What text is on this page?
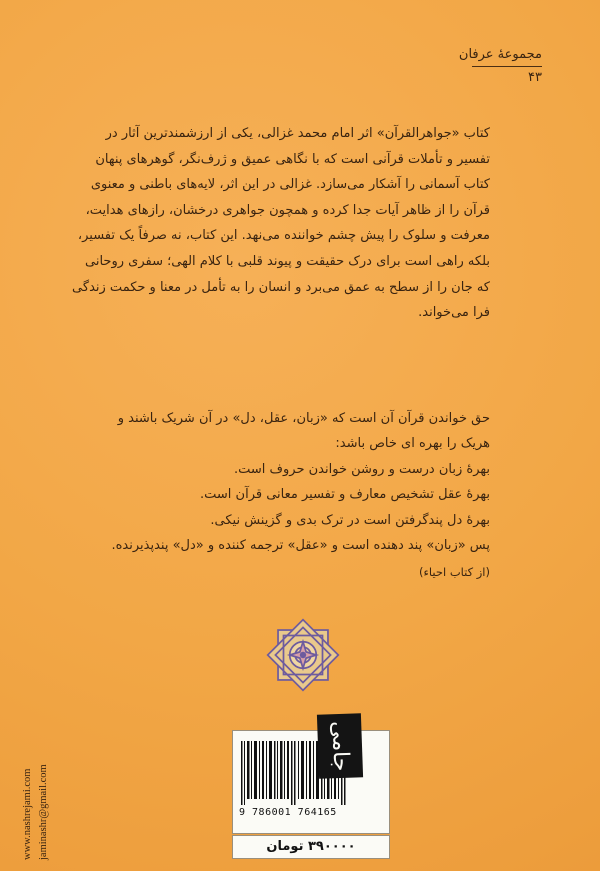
مجموعهٔ عرفان
۴۳

کتاب «جواهرالقرآن» اثر امام محمد غزالی، یکی از ارزشمندترین آثار در

تفسیر و تأملات قرآنی است که با نگاهی عمیق و ژرف‌نگر، گوهرهای پنهان

کتاب آسمانی را آشکار می‌سازد. غزالی در این اثر، لایه‌های باطنی و معنوی

قرآن را از ظاهر آیات جدا کرده و همچون جواهری درخشان، رازهای هدایت،

معرفت و سلوک را پیش چشم خواننده می‌نهد. این کتاب، نه صرفاً یک تفسیر،

بلکه راهی است برای درک حقیقت و پیوند قلبی با کلام الهی؛ سفری روحانی

که جان را از سطح به عمق می‌برد و انسان را به تأمل در معنا و حکمت زندگی

فرا می‌خواند.

حق خواندن قرآن آن است که «زبان، عقل، دل» در آن شریک باشند و

هریک را بهره ای خاص باشد:

بهرهٔ زبان درست و روشن خواندن حروف است.

بهرهٔ عقل تشخیص معارف و تفسیر معانی قرآن است.

بهرهٔ دل پندگرفتن است در ترک بدی و گزینش نیکی.

پس «زبان» پند دهنده است و «عقل» ترجمه کننده و «دل» پندپذیرنده.

(از کتاب احیاء)

9 786001 764165
جامی
۳۹۰۰۰۰ تومان
www.nashrejami.com jaminashr@gmail.com
